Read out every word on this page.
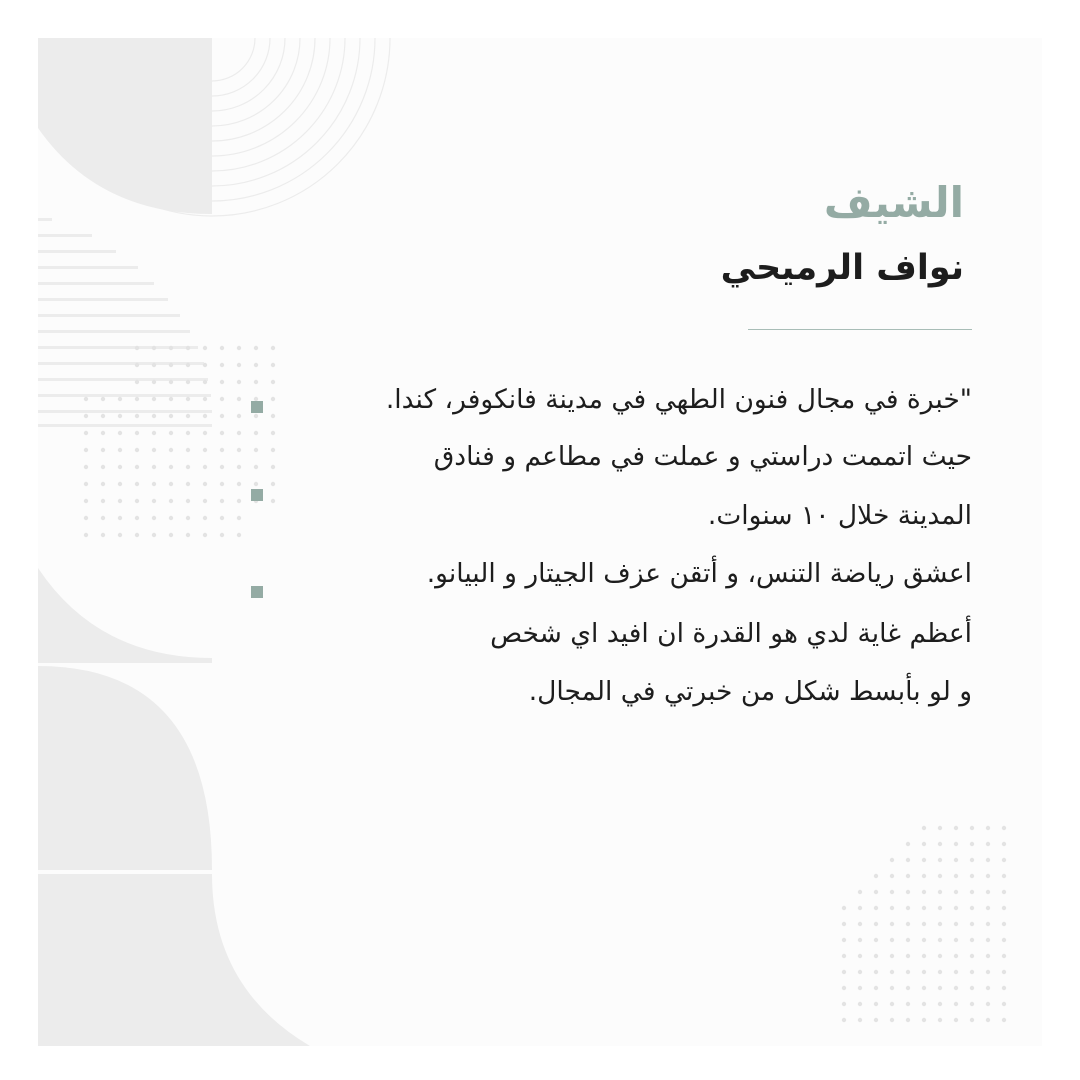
الشيف
نواف الرميحي

"خبرة في مجال فنون الطهي في مدينة فانكوفر، كندا.

حيث اتممت دراستي و عملت في مطاعم و فنادق

المدينة خلال ١٠ سنوات.

اعشق رياضة التنس، و أتقن عزف الجيتار و البيانو.

أعظم غاية لدي هو القدرة ان افيد اي شخص

و لو بأبسط شكل من خبرتي في المجال.
